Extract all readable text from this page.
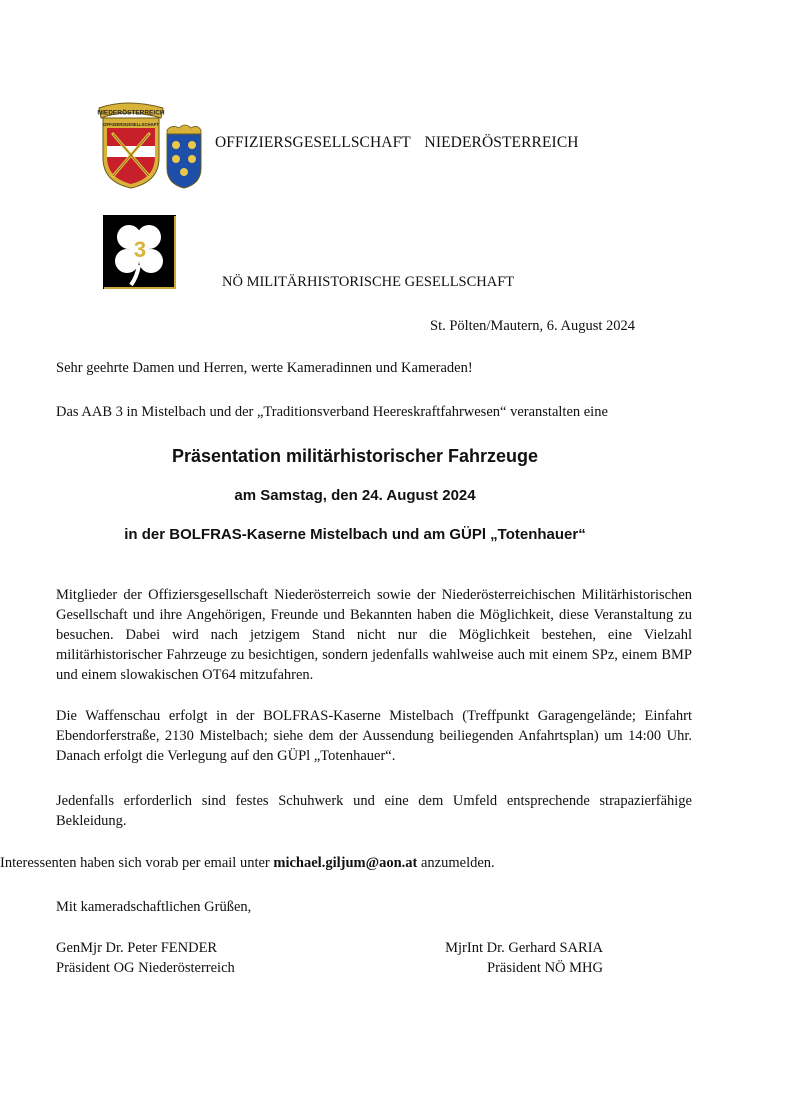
NIEDERÖSTERREICH
OFFIZIERSGESELLSCHAFT
OFFIZIERSGESELLSCHAFT  NIEDERÖSTERREICH
3
NÖ MILITÄRHISTORISCHE GESELLSCHAFT
St. Pölten/Mautern, 6. August 2024
Sehr geehrte Damen und Herren, werte Kameradinnen und Kameraden!
Das AAB 3 in Mistelbach und der „Traditionsverband Heereskraftfahrwesen“ veranstalten eine
Präsentation militärhistorischer Fahrzeuge
am Samstag, den 24. August 2024
in der BOLFRAS-Kaserne Mistelbach und am GÜPl „Totenhauer“
Mitglieder der Offiziersgesellschaft Niederösterreich sowie der Niederösterreichischen Militärhistorischen Gesellschaft und ihre Angehörigen, Freunde und Bekannten haben die Möglichkeit, diese Veranstaltung zu besuchen. Dabei wird nach jetzigem Stand nicht nur die Möglichkeit bestehen, eine Vielzahl militärhistorischer Fahrzeuge zu besichtigen, sondern jedenfalls wahlweise auch mit einem SPz, einem BMP und einem slowakischen OT64 mitzufahren.
Die Waffenschau erfolgt in der BOLFRAS-Kaserne Mistelbach (Treffpunkt Garagengelände; Einfahrt Ebendorferstraße, 2130 Mistelbach; siehe dem der Aussendung beiliegenden Anfahrtsplan) um 14:00 Uhr. Danach erfolgt die Verlegung auf den GÜPl „Totenhauer“.
Jedenfalls erforderlich sind festes Schuhwerk und eine dem Umfeld entsprechende strapazierfähige Bekleidung.
Interessenten haben sich vorab per email unter michael.giljum@aon.at anzumelden.
Mit kameradschaftlichen Grüßen,
GenMjr Dr. Peter FENDER
Präsident OG Niederösterreich
MjrInt Dr. Gerhard SARIA
Präsident NÖ MHG
